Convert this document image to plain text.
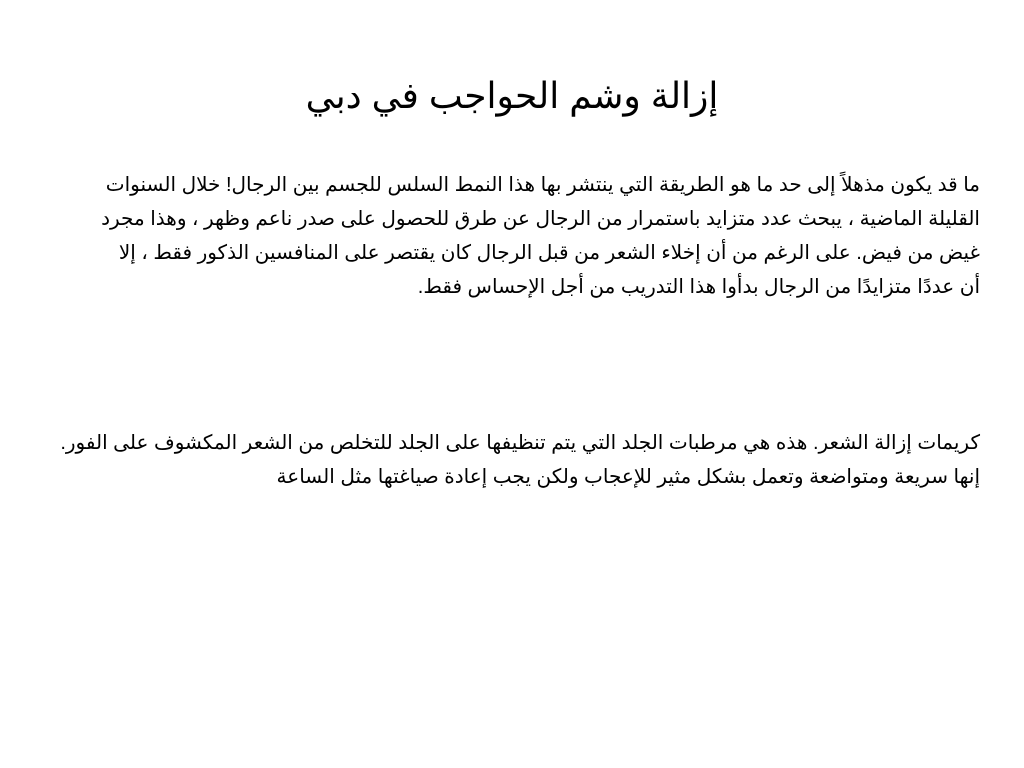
إزالة وشم الحواجب في دبي

ما قد يكون مذهلاً إلى حد ما هو الطريقة التي ينتشر بها هذا النمط السلس للجسم بين الرجال! خلال السنوات القليلة الماضية ، يبحث عدد متزايد باستمرار من الرجال عن طرق للحصول على صدر ناعم وظهر ، وهذا مجرد غيض من فيض. على الرغم من أن إخلاء الشعر من قبل الرجال كان يقتصر على المنافسين الذكور فقط ، إلا أن عددًا متزايدًا من الرجال بدأوا هذا التدريب من أجل الإحساس فقط.

كريمات إزالة الشعر. هذه هي مرطبات الجلد التي يتم تنظيفها على الجلد للتخلص من الشعر المكشوف على الفور. إنها سريعة ومتواضعة وتعمل بشكل مثير للإعجاب ولكن يجب إعادة صياغتها مثل الساعة
